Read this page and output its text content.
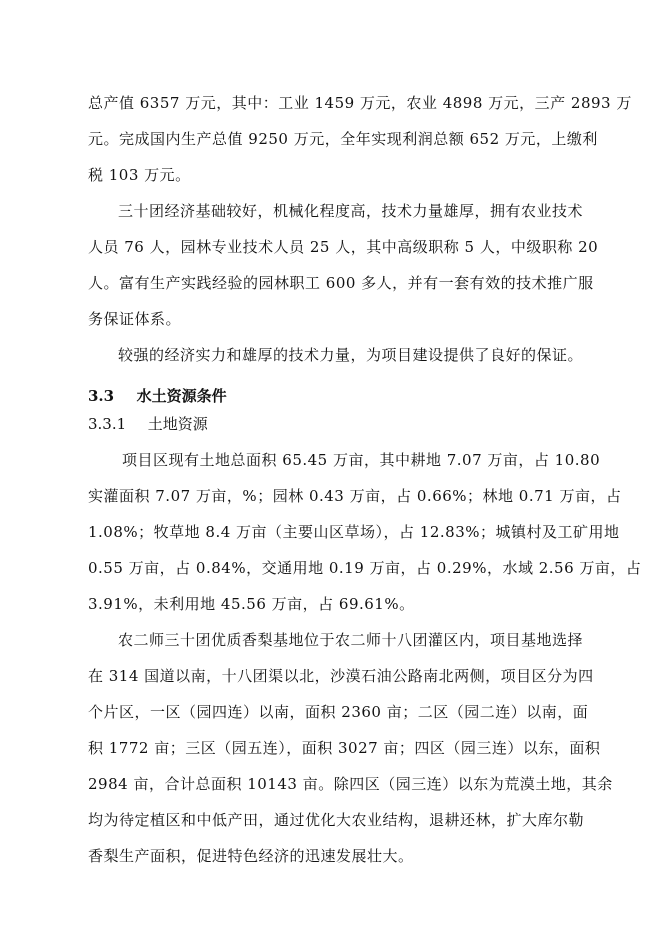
总产值 6357 万元，其中：工业 1459 万元，农业 4898 万元，三产 2893 万
元。完成国内生产总值 9250 万元，全年实现利润总额 652 万元，上缴利
税 103 万元。
三十团经济基础较好，机械化程度高，技术力量雄厚，拥有农业技术
人员 76 人，园林专业技术人员 25 人，其中高级职称 5 人，中级职称 20
人。富有生产实践经验的园林职工 600 多人，并有一套有效的技术推广服
务保证体系。
较强的经济实力和雄厚的技术力量，为项目建设提供了良好的保证。
3.3 水土资源条件
3.3.1 土地资源
项目区现有土地总面积 65.45 万亩，其中耕地 7.07 万亩，占 10.80
实灌面积 7.07 万亩，%；园林 0.43 万亩，占 0.66%；林地 0.71 万亩，占
1.08%；牧草地 8.4 万亩（主要山区草场），占 12.83%；城镇村及工矿用地
0.55 万亩，占 0.84%，交通用地 0.19 万亩，占 0.29%，水域 2.56 万亩，占
3.91%，未利用地 45.56 万亩，占 69.61%。
农二师三十团优质香梨基地位于农二师十八团灌区内，项目基地选择
在 314 国道以南，十八团渠以北，沙漠石油公路南北两侧，项目区分为四
个片区，一区（园四连）以南，面积 2360 亩；二区（园二连）以南，面
积 1772 亩；三区（园五连），面积 3027 亩；四区（园三连）以东，面积
2984 亩，合计总面积 10143 亩。除四区（园三连）以东为荒漠土地，其余
均为待定植区和中低产田，通过优化大农业结构，退耕还林，扩大库尔勒
香梨生产面积，促进特色经济的迅速发展壮大。
